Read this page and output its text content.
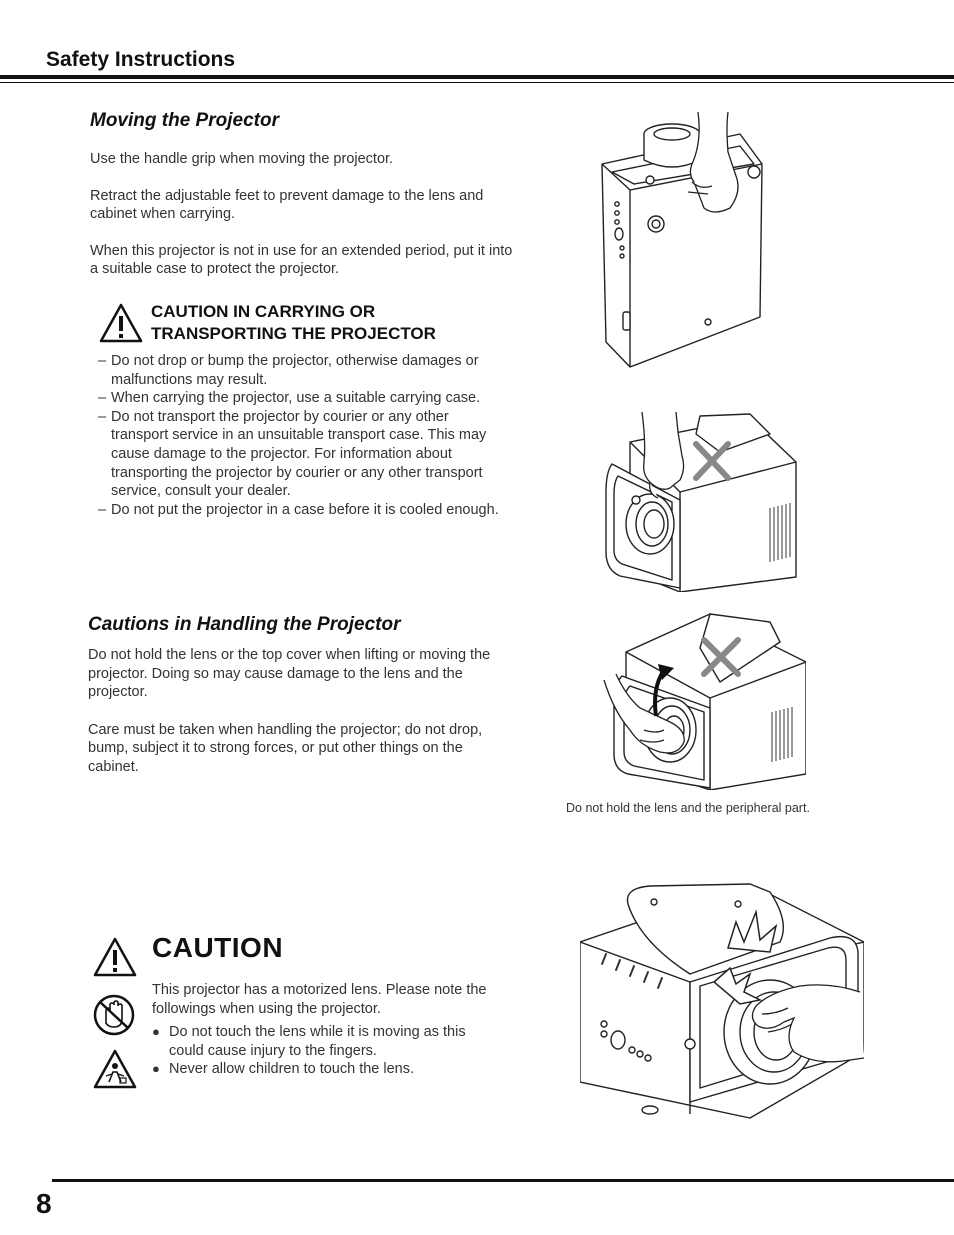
Safety Instructions
Moving the Projector

Use the handle grip when moving the projector.

Retract the adjustable feet to prevent damage to the lens and cabinet when carrying.

When this projector is not in use for an extended period, put it into a suitable case to protect the projector.

CAUTION IN CARRYING OR
TRANSPORTING THE PROJECTOR
– Do not drop or bump the projector, otherwise damages or malfunctions may result.
– When carrying the projector, use a suitable carrying case.
– Do not transport the projector by courier or any other transport service in an unsuitable transport case. This may cause damage to the projector. For information about transporting the projector by courier or any other transport service, consult your dealer.
– Do not put the projector in a case before it is cooled enough.
Cautions in Handling the Projector

Do not hold the lens or the top cover when lifting or moving the projector. Doing so may cause damage to the lens and the projector.

Care must be taken when handling the projector; do not drop, bump, subject it to strong forces, or put other things on the cabinet.

Do not hold the lens and the peripheral part.
CAUTION

This projector has a motorized lens. Please note the followings when using the projector.

● Do not touch the lens while it is moving as this could cause injury to the fingers.
● Never allow children to touch the lens.
8
